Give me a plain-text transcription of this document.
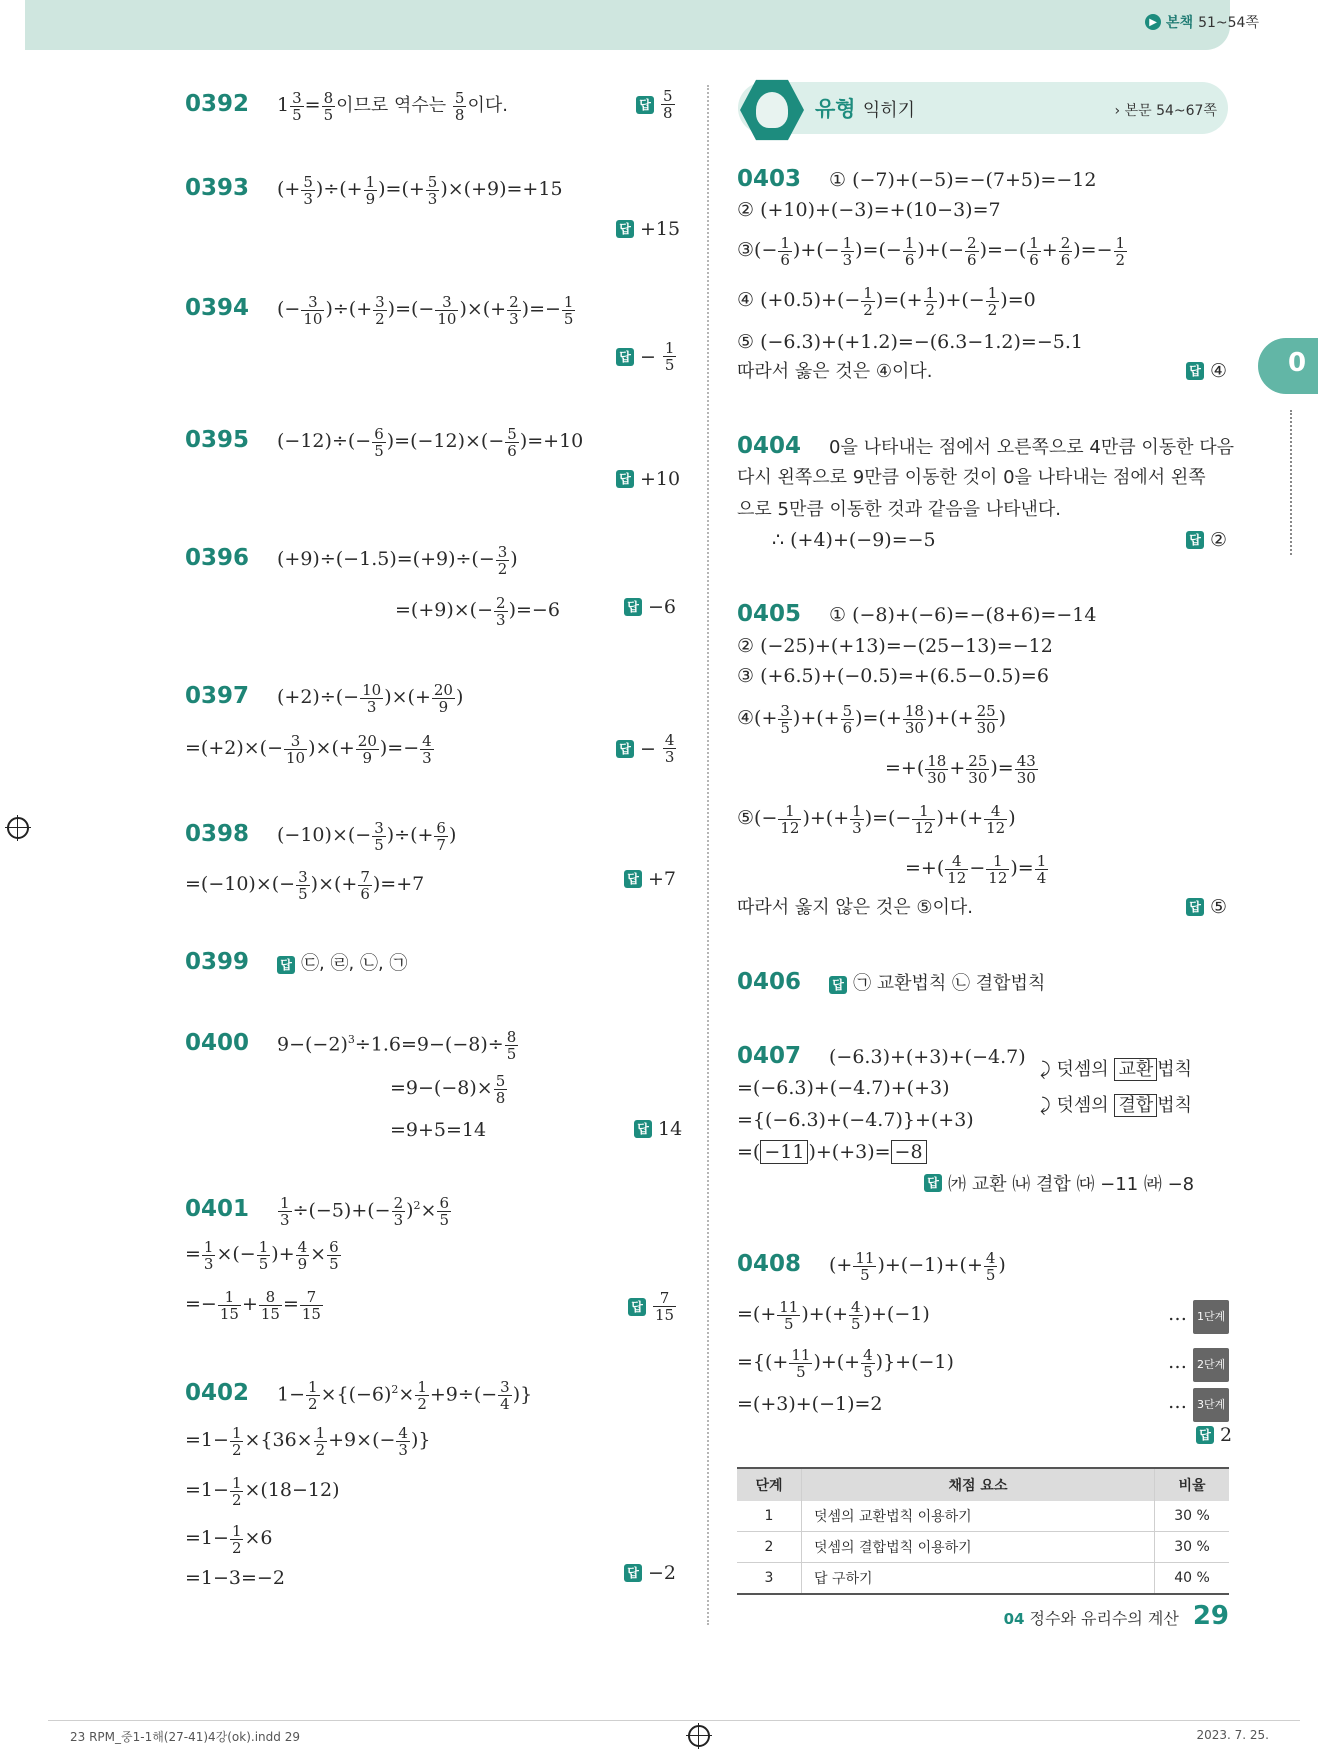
▶ 본책 51~54쪽
0392 $1 \frac{3}{5} = \frac{8}{5}$ 이므로 역수는 $\frac{5}{8}$ 이다.	답 5
8
0393 (+ $\frac{5}{3}$ )÷(+ $\frac{1}{9}$ )=(+ $\frac{5}{3} )\times(+9)=+15$
답 +15
0394 (− $\frac{3}{10}$ )÷(+ $\frac{3}{2}$ )=(− $\frac{3}{10}$ )×(+ $\frac{2}{3}$ )=− $\frac{1}{5}$
답 − 1
5
0395 $(-12)\div(- \frac{6}{5} )=(-12)\times(- \frac{5}{6} )=+10$
답 +10
0396 $(+9)\div(-1.5)=(+9)\div(- \frac{3}{2}$ )
$=(+9)\times(- \frac{2}{3} )=-6$	답 −6
0397 $(+2)\div(- \frac{10}{3}$ )×(+ $\frac{20}{9}$ )
$=(+2)\times(- \frac{3}{10}$ )×(+ $\frac{20}{9}$ )=− $\frac{4}{3}$	답 − 4
3
0398 $(-10)\times(- \frac{3}{5}$ )÷(+ $\frac{6}{7}$ )
$=(-10)\times(- \frac{3}{5}$ )×(+ $\frac{7}{6} )=+7$	답 +7
0399	답 ㉢, ㉣, ㉡, ㉠
0400 $9-(-2)^3\div 1.6=9-(-8)\div \frac{8}{5}$
$=9-(-8)\times \frac{5}{8}$
=9+5=14	답 14
$0401 \frac{1}{3} \div(-5)+(- \frac{2}{3} )^2\times \frac{6}{5}$
= $\frac{1}{3}$ ×(− $\frac{1}{5}$ )+ $\frac{4}{9} \times \frac{6}{5}$
=− $\frac{1}{15} + \frac{8}{15} = \frac{7}{15}$	답	7
15
0402 $1- \frac{1}{2} \times\{(-6)^2\times \frac{1}{2} +9\div(- \frac{3}{4}$ )}
$=1- \frac{1}{2} \times\{36\times \frac{1}{2} +9\times(- \frac{4}{3}$ )}
$=1- \frac{1}{2} \times(18-12)$
$=1- \frac{1}{2} \times 6$
=1−3=−2	답 −2
유형 익히기	› 본문 54~67쪽
0
0403 ① (−7)+(−5)=−(7+5)=−12
② (+10)+(−3)=+(10−3)=7
③(− $\frac{1}{6}$ )+(− $\frac{1}{3}$ )=(− $\frac{1}{6}$ )+(− $\frac{2}{6}$ )=−( $\frac{1}{6} + \frac{2}{6}$ )=− $\frac{1}{2}$
④ $(+0.5)+(- \frac{1}{2}$ )=(+ $\frac{1}{2}$ )+(− $\frac{1}{2} )=0$
⑤ (−6.3)+(+1.2)=−(6.3−1.2)=−5.1
따라서 옳은 것은 ④이다.	답 ④
0404 0을 나타내는 점에서 오른쪽으로 4만큼 이동한 다음
다시 왼쪽으로 9만큼 이동한 것이 0을 나타내는 점에서 왼쪽
으로 5만큼 이동한 것과 같음을 나타낸다.
∴ (+4)+(−9)=−5	답 ②
0405 ① (−8)+(−6)=−(8+6)=−14
② (−25)+(+13)=−(25−13)=−12
③ (+6.5)+(−0.5)=+(6.5−0.5)=6
④(+ $\frac{3}{5}$ )+(+ $\frac{5}{6}$ )=(+ $\frac{18}{30}$ )+(+ $\frac{25}{30}$ )
=+( $\frac{18}{30} + \frac{25}{30}$ )= $\frac{43}{30}$
⑤(− $\frac{1}{12}$ )+(+ $\frac{1}{3}$ )=(− $\frac{1}{12}$ )+(+ $\frac{4}{12}$ )
=+( $\frac{4}{12} - \frac{1}{12}$ )= $\frac{1}{4}$
따라서 옳지 않은 것은 ⑤이다.	답 ⑤
0406	답 ㉠ 교환법칙 ㉡ 결합법칙
0407 (−6.3)+(+3)+(−4.7)
=(−6.3)+(−4.7)+(+3)
={(−6.3)+(−4.7)}+(+3)
=( −11 )+(+3)= −8
⤸ 덧셈의 교환 법칙
⤸ 덧셈의 결합 법칙
답 ㈎ 교환 ㈏ 결합 ㈐ −11 ㈑ −8
0408 (+ $\frac{11}{5} )+(-1)+(+ \frac{4}{5}$ )
=(+ $\frac{11}{5}$ )+(+ $\frac{4}{5} )+(-1)$
={(+ $\frac{11}{5}$ )+(+ $\frac{4}{5} )\}+(-1)$
=(+3)+(−1)=2
… 1단계
… 2단계
… 3단계
답 2
단계	채점 요소	비율
1	덧셈의 교환법칙 이용하기	30 %
2	덧셈의 결합법칙 이용하기	30 %
3	답 구하기	40 %
04 정수와 유리수의 계산 29
23 RPM_중1-1해(27-41)4강(ok).indd 29	2023. 7. 25.
